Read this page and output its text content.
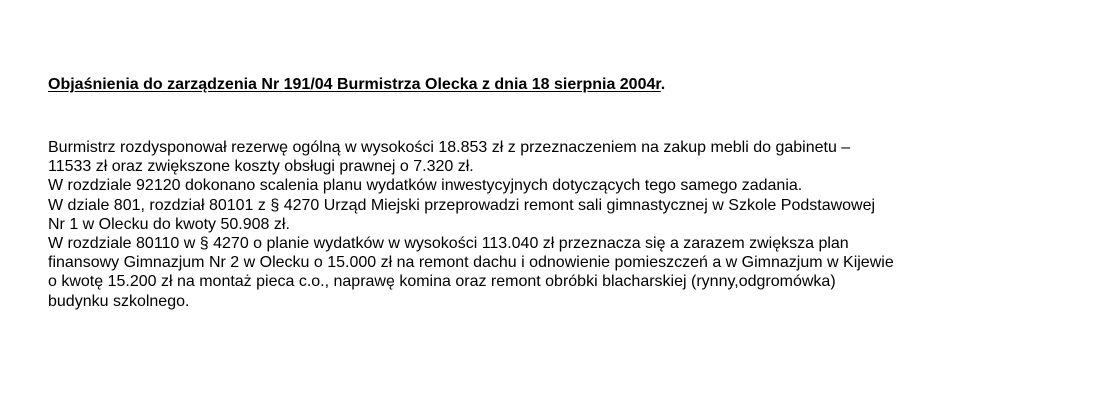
Objaśnienia do zarządzenia Nr 191/04 Burmistrza Olecka z dnia 18 sierpnia 2004r.
Burmistrz rozdysponował rezerwę ogólną w wysokości 18.853 zł z przeznaczeniem na zakup mebli do gabinetu –
11533 zł oraz zwiększone koszty obsługi prawnej o 7.320 zł.
W rozdziale 92120 dokonano scalenia planu wydatków inwestycyjnych dotyczących tego samego zadania.
W dziale 801, rozdział 80101 z § 4270 Urząd Miejski przeprowadzi remont sali gimnastycznej w Szkole Podstawowej
Nr 1 w Olecku do kwoty 50.908 zł.
W rozdziale 80110 w § 4270 o planie wydatków w wysokości 113.040 zł przeznacza się a zarazem zwiększa plan
finansowy Gimnazjum Nr 2 w Olecku o 15.000 zł na remont dachu i odnowienie pomieszczeń a w Gimnazjum w Kijewie
o kwotę 15.200 zł na montaż pieca c.o., naprawę komina oraz remont obróbki blacharskiej (rynny,odgromówka)
budynku szkolnego.
